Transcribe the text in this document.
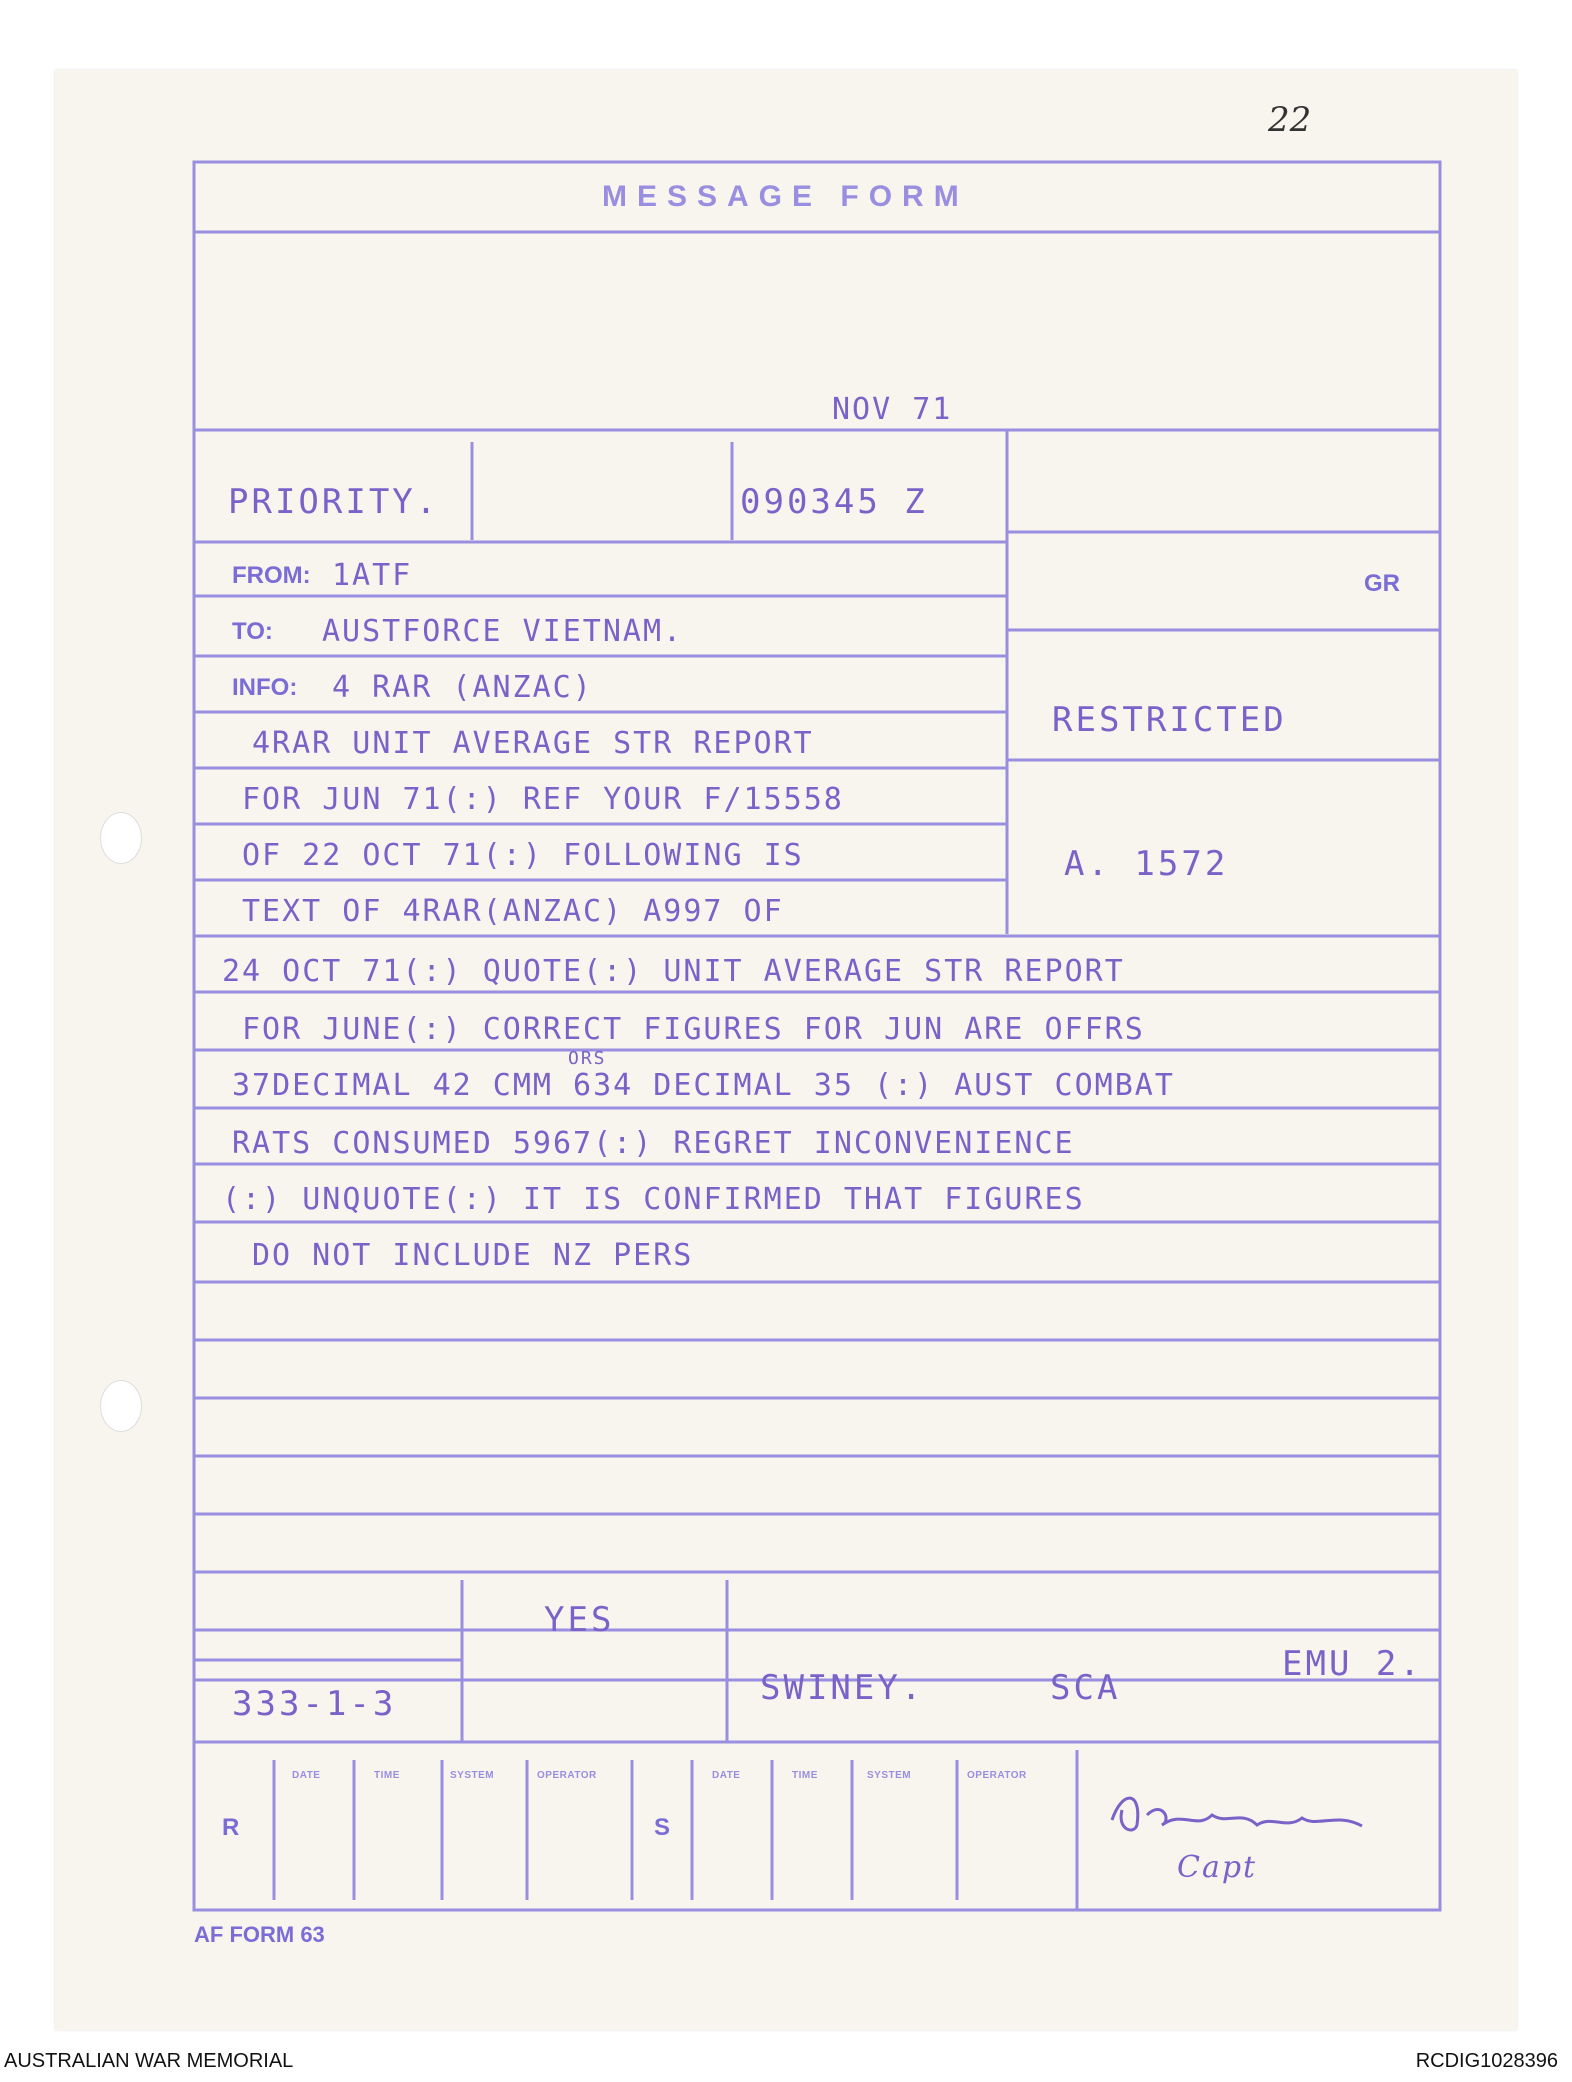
22
MESSAGE FORM
NOV 71
PRIORITY.	090345 Z
GR
FROM: 1ATF
TO: AUSTFORCE VIETNAM.
INFO: 4 RAR (ANZAC)
RESTRICTED
A. 1572
4RAR UNIT AVERAGE STR REPORT
FOR JUN 71(:) REF YOUR F/15558
OF 22 OCT 71(:) FOLLOWING IS
TEXT OF 4RAR(ANZAC) A997 OF
24 OCT 71(:) QUOTE(:) UNIT AVERAGE STR REPORT
FOR JUNE(:) CORRECT FIGURES FOR JUN ARE OFFRS
ORS
37DECIMAL 42 CMM 634 DECIMAL 35 (:) AUST COMBAT
RATS CONSUMED 5967(:) REGRET INCONVENIENCE
(:) UNQUOTE(:) IT IS CONFIRMED THAT FIGURES
DO NOT INCLUDE NZ PERS
YES
333-1-3	SWINEY.	SCA
EMU 2.
Capt
R	S
DATE	TIME	SYSTEM	OPERATOR	DATE	TIME	SYSTEM	OPERATOR
AF FORM 63
AUSTRALIAN WAR MEMORIAL	RCDIG1028396
